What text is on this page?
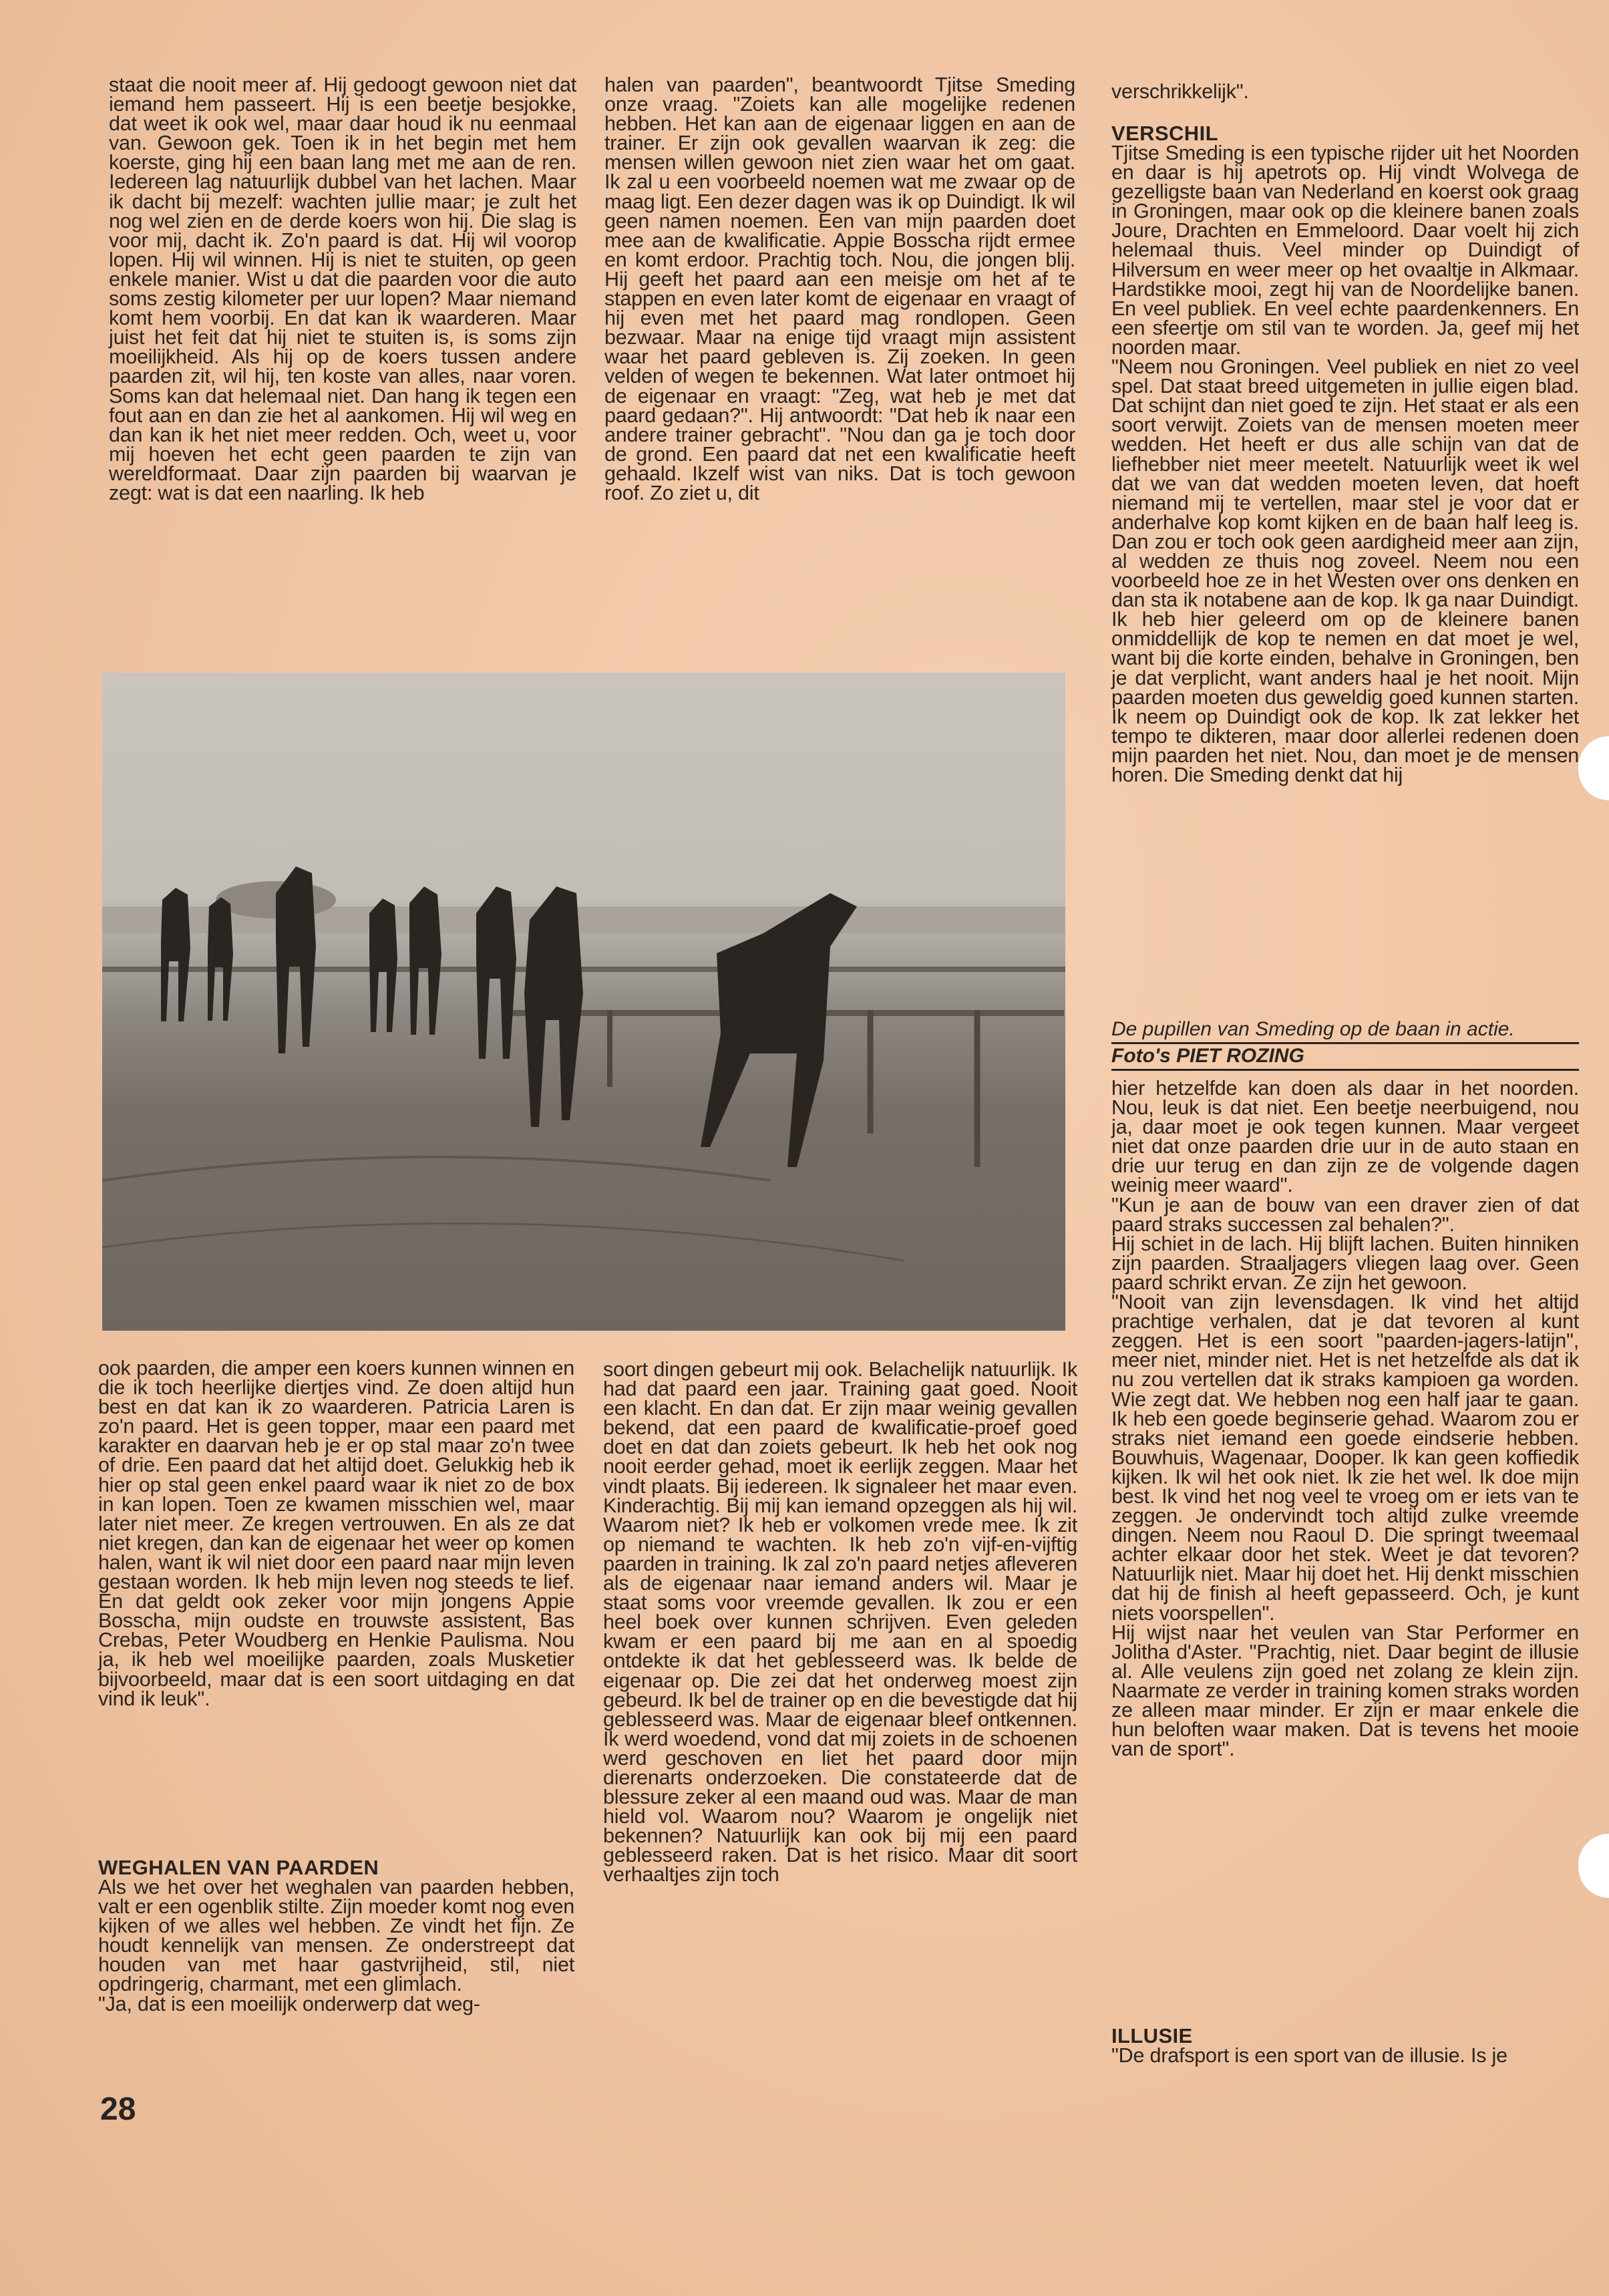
staat die nooit meer af. Hij gedoogt gewoon niet dat iemand hem passeert. Hij is een beetje besjokke, dat weet ik ook wel, maar daar houd ik nu eenmaal van. Gewoon gek. Toen ik in het begin met hem koerste, ging hij een baan lang met me aan de ren. Iedereen lag natuurlijk dubbel van het lachen. Maar ik dacht bij mezelf: wachten jullie maar; je zult het nog wel zien en de derde koers won hij. Die slag is voor mij, dacht ik. Zo'n paard is dat. Hij wil voorop lopen. Hij wil winnen. Hij is niet te stuiten, op geen enkele manier. Wist u dat die paarden voor die auto soms zestig kilometer per uur lopen? Maar niemand komt hem voorbij. En dat kan ik waarderen. Maar juist het feit dat hij niet te stuiten is, is soms zijn moeilijkheid. Als hij op de koers tussen andere paarden zit, wil hij, ten koste van alles, naar voren. Soms kan dat helemaal niet. Dan hang ik tegen een fout aan en dan zie het al aankomen. Hij wil weg en dan kan ik het niet meer redden. Och, weet u, voor mij hoeven het echt geen paarden te zijn van wereldformaat. Daar zijn paarden bij waarvan je zegt: wat is dat een naarling. Ik heb

halen van paarden", beantwoordt Tjitse Smeding onze vraag. "Zoiets kan alle mogelijke redenen hebben. Het kan aan de eigenaar liggen en aan de trainer. Er zijn ook gevallen waarvan ik zeg: die mensen willen gewoon niet zien waar het om gaat. Ik zal u een voorbeeld noemen wat me zwaar op de maag ligt. Een dezer dagen was ik op Duindigt. Ik wil geen namen noemen. Een van mijn paarden doet mee aan de kwalificatie. Appie Bosscha rijdt ermee en komt erdoor. Prachtig toch. Nou, die jongen blij. Hij geeft het paard aan een meisje om het af te stappen en even later komt de eigenaar en vraagt of hij even met het paard mag rondlopen. Geen bezwaar. Maar na enige tijd vraagt mijn assistent waar het paard gebleven is. Zij zoeken. In geen velden of wegen te bekennen. Wat later ontmoet hij de eigenaar en vraagt: "Zeg, wat heb je met dat paard gedaan?". Hij antwoordt: "Dat heb ik naar een andere trainer gebracht". "Nou dan ga je toch door de grond. Een paard dat net een kwalificatie heeft gehaald. Ikzelf wist van niks. Dat is toch gewoon roof. Zo ziet u, dit

verschrikkelijk".

VERSCHIL

Tjitse Smeding is een typische rijder uit het Noorden en daar is hij apetrots op. Hij vindt Wolvega de gezelligste baan van Nederland en koerst ook graag in Groningen, maar ook op die kleinere banen zoals Joure, Drachten en Emmeloord. Daar voelt hij zich helemaal thuis. Veel minder op Duindigt of Hilversum en weer meer op het ovaaltje in Alkmaar. Hardstikke mooi, zegt hij van de Noordelijke banen. En veel publiek. En veel echte paardenkenners. En een sfeertje om stil van te worden. Ja, geef mij het noorden maar.

"Neem nou Groningen. Veel publiek en niet zo veel spel. Dat staat breed uitgemeten in jullie eigen blad. Dat schijnt dan niet goed te zijn. Het staat er als een soort verwijt. Zoiets van de mensen moeten meer wedden. Het heeft er dus alle schijn van dat de liefhebber niet meer meetelt. Natuurlijk weet ik wel dat we van dat wedden moeten leven, dat hoeft niemand mij te vertellen, maar stel je voor dat er anderhalve kop komt kijken en de baan half leeg is. Dan zou er toch ook geen aardigheid meer aan zijn, al wedden ze thuis nog zoveel. Neem nou een voorbeeld hoe ze in het Westen over ons denken en dan sta ik notabene aan de kop. Ik ga naar Duindigt. Ik heb hier geleerd om op de kleinere banen onmiddellijk de kop te nemen en dat moet je wel, want bij die korte einden, behalve in Groningen, ben je dat verplicht, want anders haal je het nooit. Mijn paarden moeten dus geweldig goed kunnen starten. Ik neem op Duindigt ook de kop. Ik zat lekker het tempo te dikteren, maar door allerlei redenen doen mijn paarden het niet. Nou, dan moet je de mensen horen. Die Smeding denkt dat hij

De pupillen van Smeding op de baan in actie.
Foto's PIET ROZING

hier hetzelfde kan doen als daar in het noorden. Nou, leuk is dat niet. Een beetje neerbuigend, nou ja, daar moet je ook tegen kunnen. Maar vergeet niet dat onze paarden drie uur in de auto staan en drie uur terug en dan zijn ze de volgende dagen weinig meer waard".

"Kun je aan de bouw van een draver zien of dat paard straks successen zal behalen?".

Hij schiet in de lach. Hij blijft lachen. Buiten hinniken zijn paarden. Straaljagers vliegen laag over. Geen paard schrikt ervan. Ze zijn het gewoon.

"Nooit van zijn levensdagen. Ik vind het altijd prachtige verhalen, dat je dat tevoren al kunt zeggen. Het is een soort "paarden-jagers-latijn", meer niet, minder niet. Het is net hetzelfde als dat ik nu zou vertellen dat ik straks kampioen ga worden. Wie zegt dat. We hebben nog een half jaar te gaan. Ik heb een goede beginserie gehad. Waarom zou er straks niet iemand een goede eindserie hebben. Bouwhuis, Wagenaar, Dooper. Ik kan geen koffiedik kijken. Ik wil het ook niet. Ik zie het wel. Ik doe mijn best. Ik vind het nog veel te vroeg om er iets van te zeggen. Je ondervindt toch altijd zulke vreemde dingen. Neem nou Raoul D. Die springt tweemaal achter elkaar door het stek. Weet je dat tevoren? Natuurlijk niet. Maar hij doet het. Hij denkt misschien dat hij de finish al heeft gepasseerd. Och, je kunt niets voorspellen".

Hij wijst naar het veulen van Star Performer en Jolitha d'Aster. "Prachtig, niet. Daar begint de illusie al. Alle veulens zijn goed net zolang ze klein zijn. Naarmate ze verder in training komen straks worden ze alleen maar minder. Er zijn er maar enkele die hun beloften waar maken. Dat is tevens het mooie van de sport".

ILLUSIE

"De drafsport is een sport van de illusie. Is je

ook paarden, die amper een koers kunnen winnen en die ik toch heerlijke diertjes vind. Ze doen altijd hun best en dat kan ik zo waarderen. Patricia Laren is zo'n paard. Het is geen topper, maar een paard met karakter en daarvan heb je er op stal maar zo'n twee of drie. Een paard dat het altijd doet. Gelukkig heb ik hier op stal geen enkel paard waar ik niet zo de box in kan lopen. Toen ze kwamen misschien wel, maar later niet meer. Ze kregen vertrouwen. En als ze dat niet kregen, dan kan de eigenaar het weer op komen halen, want ik wil niet door een paard naar mijn leven gestaan worden. Ik heb mijn leven nog steeds te lief. En dat geldt ook zeker voor mijn jongens Appie Bosscha, mijn oudste en trouwste assistent, Bas Crebas, Peter Woudberg en Henkie Paulisma. Nou ja, ik heb wel moeilijke paarden, zoals Musketier bijvoorbeeld, maar dat is een soort uitdaging en dat vind ik leuk".

WEGHALEN VAN PAARDEN

Als we het over het weghalen van paarden hebben, valt er een ogenblik stilte. Zijn moeder komt nog even kijken of we alles wel hebben. Ze vindt het fijn. Ze houdt kennelijk van mensen. Ze onderstreept dat houden van met haar gastvrijheid, stil, niet opdringerig, charmant, met een glimlach.

"Ja, dat is een moeilijk onderwerp dat weg-

soort dingen gebeurt mij ook. Belachelijk natuurlijk. Ik had dat paard een jaar. Training gaat goed. Nooit een klacht. En dan dat. Er zijn maar weinig gevallen bekend, dat een paard de kwalificatie-proef goed doet en dat dan zoiets gebeurt. Ik heb het ook nog nooit eerder gehad, moet ik eerlijk zeggen. Maar het vindt plaats. Bij iedereen. Ik signaleer het maar even. Kinderachtig. Bij mij kan iemand opzeggen als hij wil. Waarom niet? Ik heb er volkomen vrede mee. Ik zit op niemand te wachten. Ik heb zo'n vijf-en-vijftig paarden in training. Ik zal zo'n paard netjes afleveren als de eigenaar naar iemand anders wil. Maar je staat soms voor vreemde gevallen. Ik zou er een heel boek over kunnen schrijven. Even geleden kwam er een paard bij me aan en al spoedig ontdekte ik dat het geblesseerd was. Ik belde de eigenaar op. Die zei dat het onderweg moest zijn gebeurd. Ik bel de trainer op en die bevestigde dat hij geblesseerd was. Maar de eigenaar bleef ontkennen. Ik werd woedend, vond dat mij zoiets in de schoenen werd geschoven en liet het paard door mijn dierenarts onderzoeken. Die constateerde dat de blessure zeker al een maand oud was. Maar de man hield vol. Waarom nou? Waarom je ongelijk niet bekennen? Natuurlijk kan ook bij mij een paard geblesseerd raken. Dat is het risico. Maar dit soort verhaaltjes zijn toch

28
